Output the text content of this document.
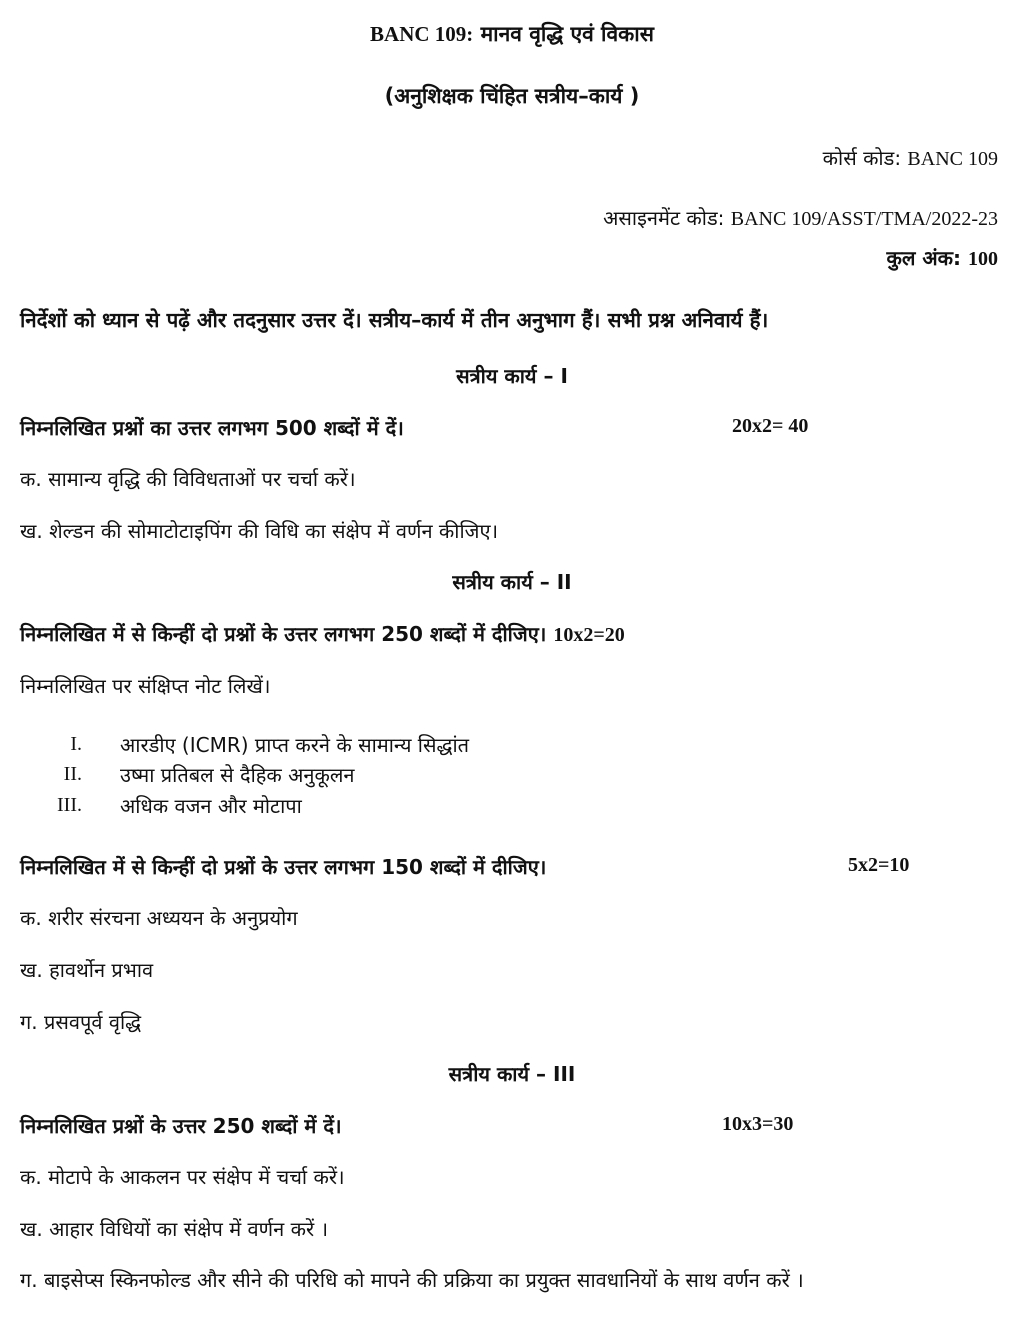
BANC 109: मानव वृद्धि एवं विकास
(अनुशिक्षक चिंहित सत्रीय–कार्य )
कोर्स कोड: BANC 109
असाइनमेंट कोड: BANC 109/ASST/TMA/2022-23
कुल अंक: 100
निर्देशों को ध्यान से पढ़ें और तदनुसार उत्तर दें। सत्रीय–कार्य में तीन अनुभाग हैं। सभी प्रश्न अनिवार्य हैं।
सत्रीय कार्य – I
निम्नलिखित प्रश्नों का उत्तर लगभग 500 शब्दों में दें।	20x2= 40
क. सामान्य वृद्धि की विविधताओं पर चर्चा करें।
ख. शेल्डन की सोमाटोटाइपिंग की विधि का संक्षेप में वर्णन कीजिए।
सत्रीय कार्य – II
निम्नलिखित में से किन्हीं दो प्रश्नों के उत्तर लगभग 250 शब्दों में दीजिए। 10x2=20
निम्नलिखित पर संक्षिप्त नोट लिखें।
I. आरडीए (ICMR) प्राप्त करने के सामान्य सिद्धांत
II. उष्मा प्रतिबल से दैहिक अनुकूलन
III. अधिक वजन और मोटापा
निम्नलिखित में से किन्हीं दो प्रश्नों के उत्तर लगभग 150 शब्दों में दीजिए।	5x2=10
क. शरीर संरचना अध्ययन के अनुप्रयोग
ख. हावर्थोन प्रभाव
ग. प्रसवपूर्व वृद्धि
सत्रीय कार्य – III
निम्नलिखित प्रश्नों के उत्तर 250 शब्दों में दें।	10x3=30
क. मोटापे के आकलन पर संक्षेप में चर्चा करें।
ख. आहार विधियों का संक्षेप में वर्णन करें ।
ग. बाइसेप्स स्किनफोल्ड और सीने की परिधि को मापने की प्रक्रिया का प्रयुक्त सावधानियों के साथ वर्णन करें ।
